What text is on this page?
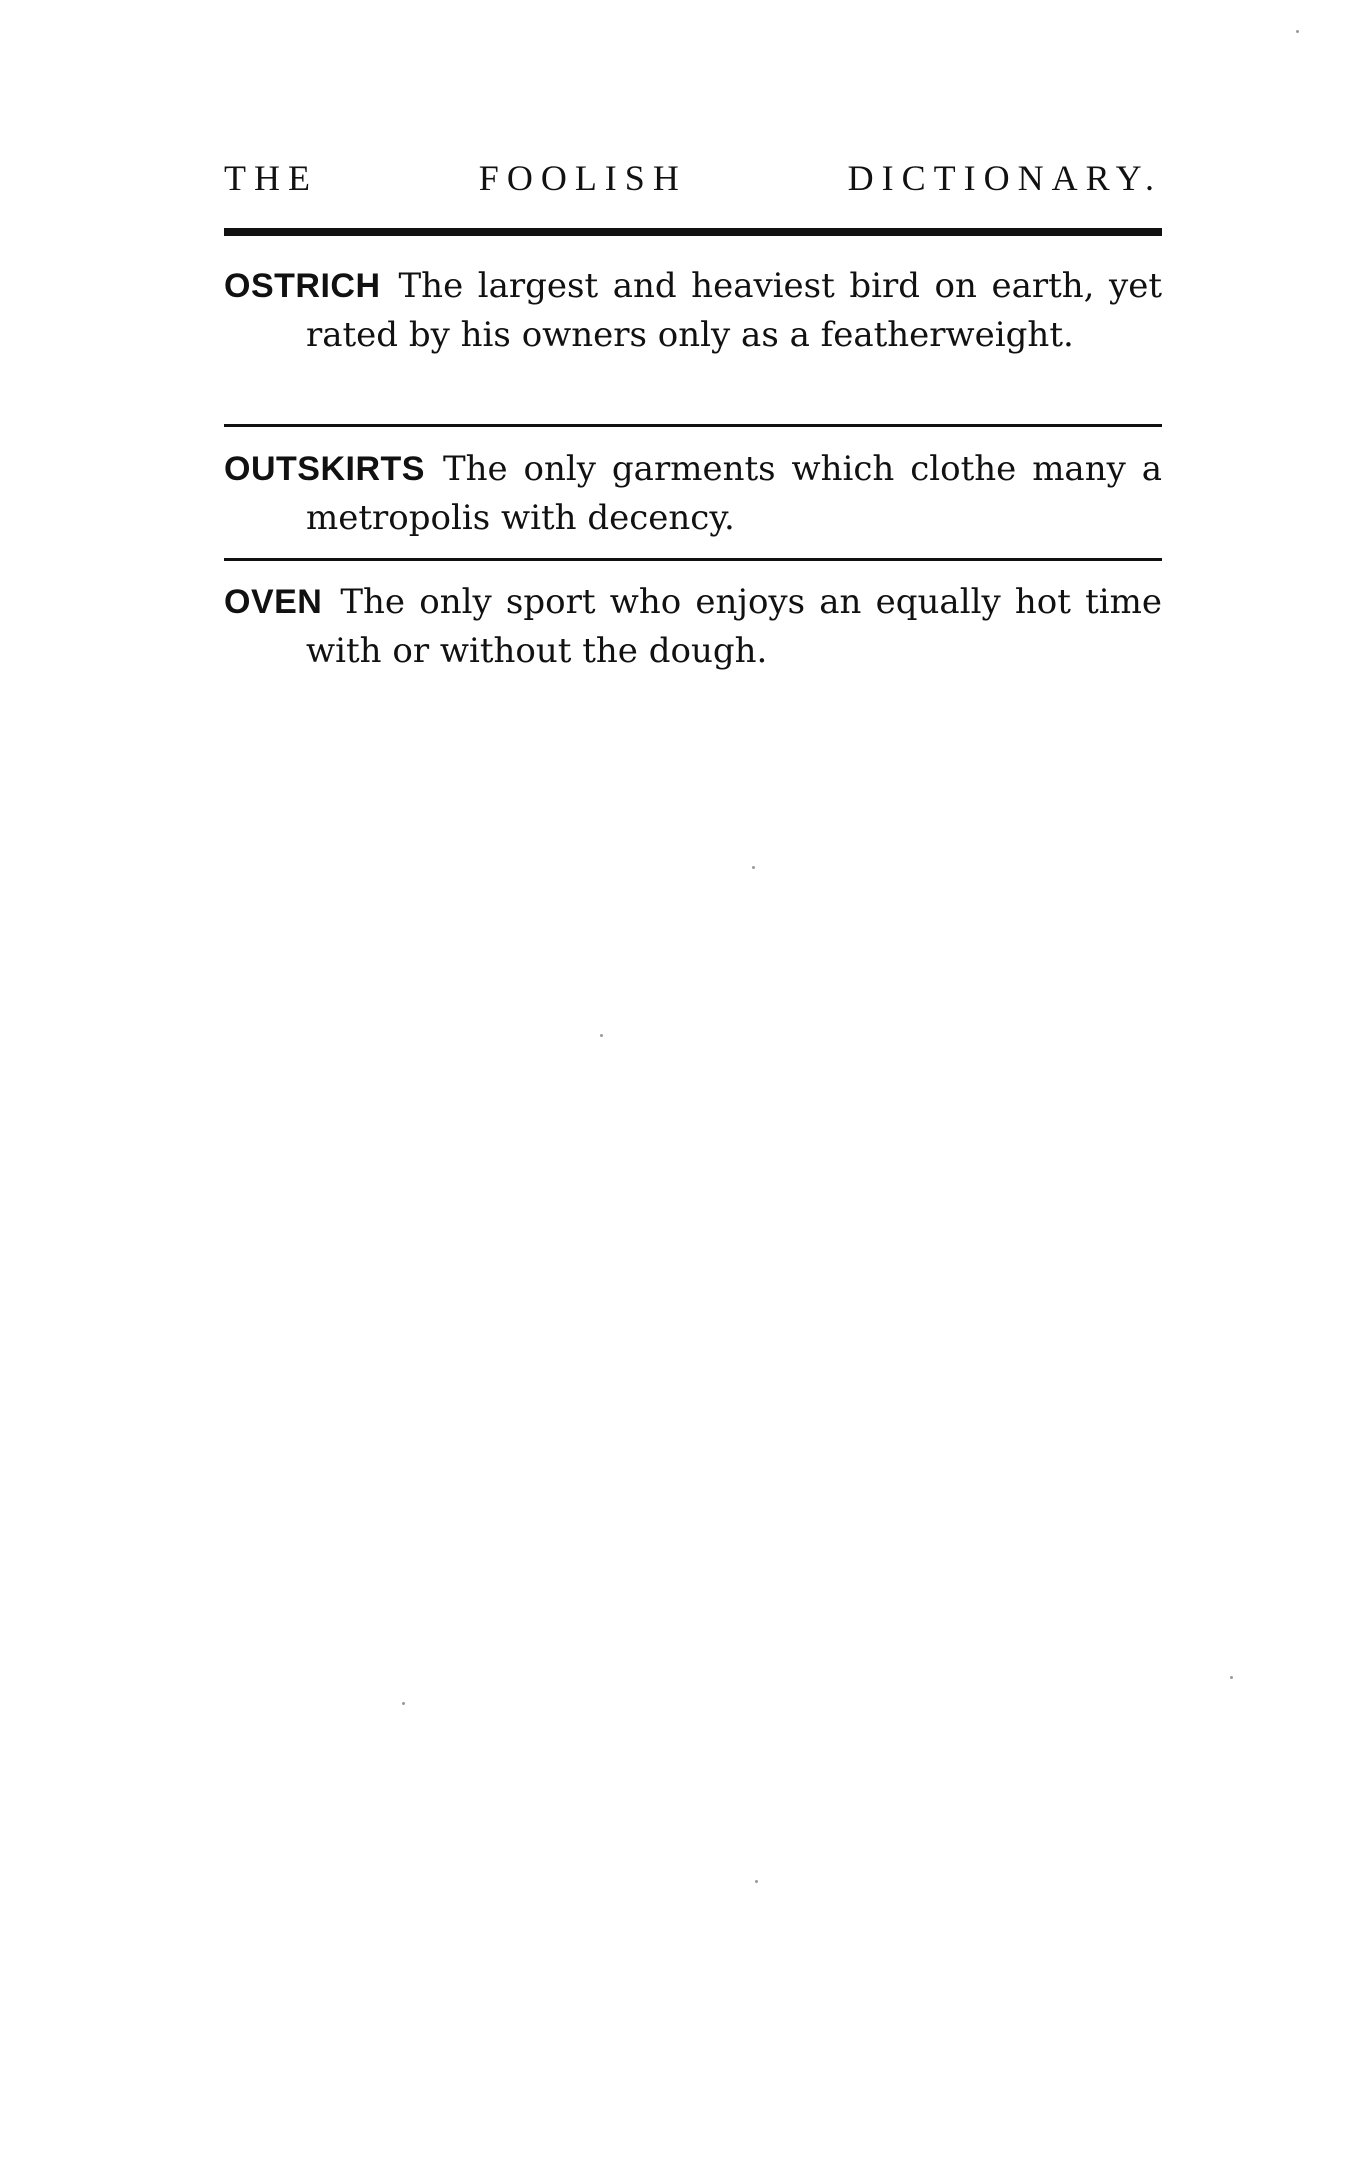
THE FOOLISH DICTIONARY.
OSTRICH The largest and heaviest bird on earth, yet rated by his owners only as a featherweight.
OUTSKIRTS The only garments which clothe many a metropolis with decency.
OVEN The only sport who enjoys an equally hot time with or without the dough.
